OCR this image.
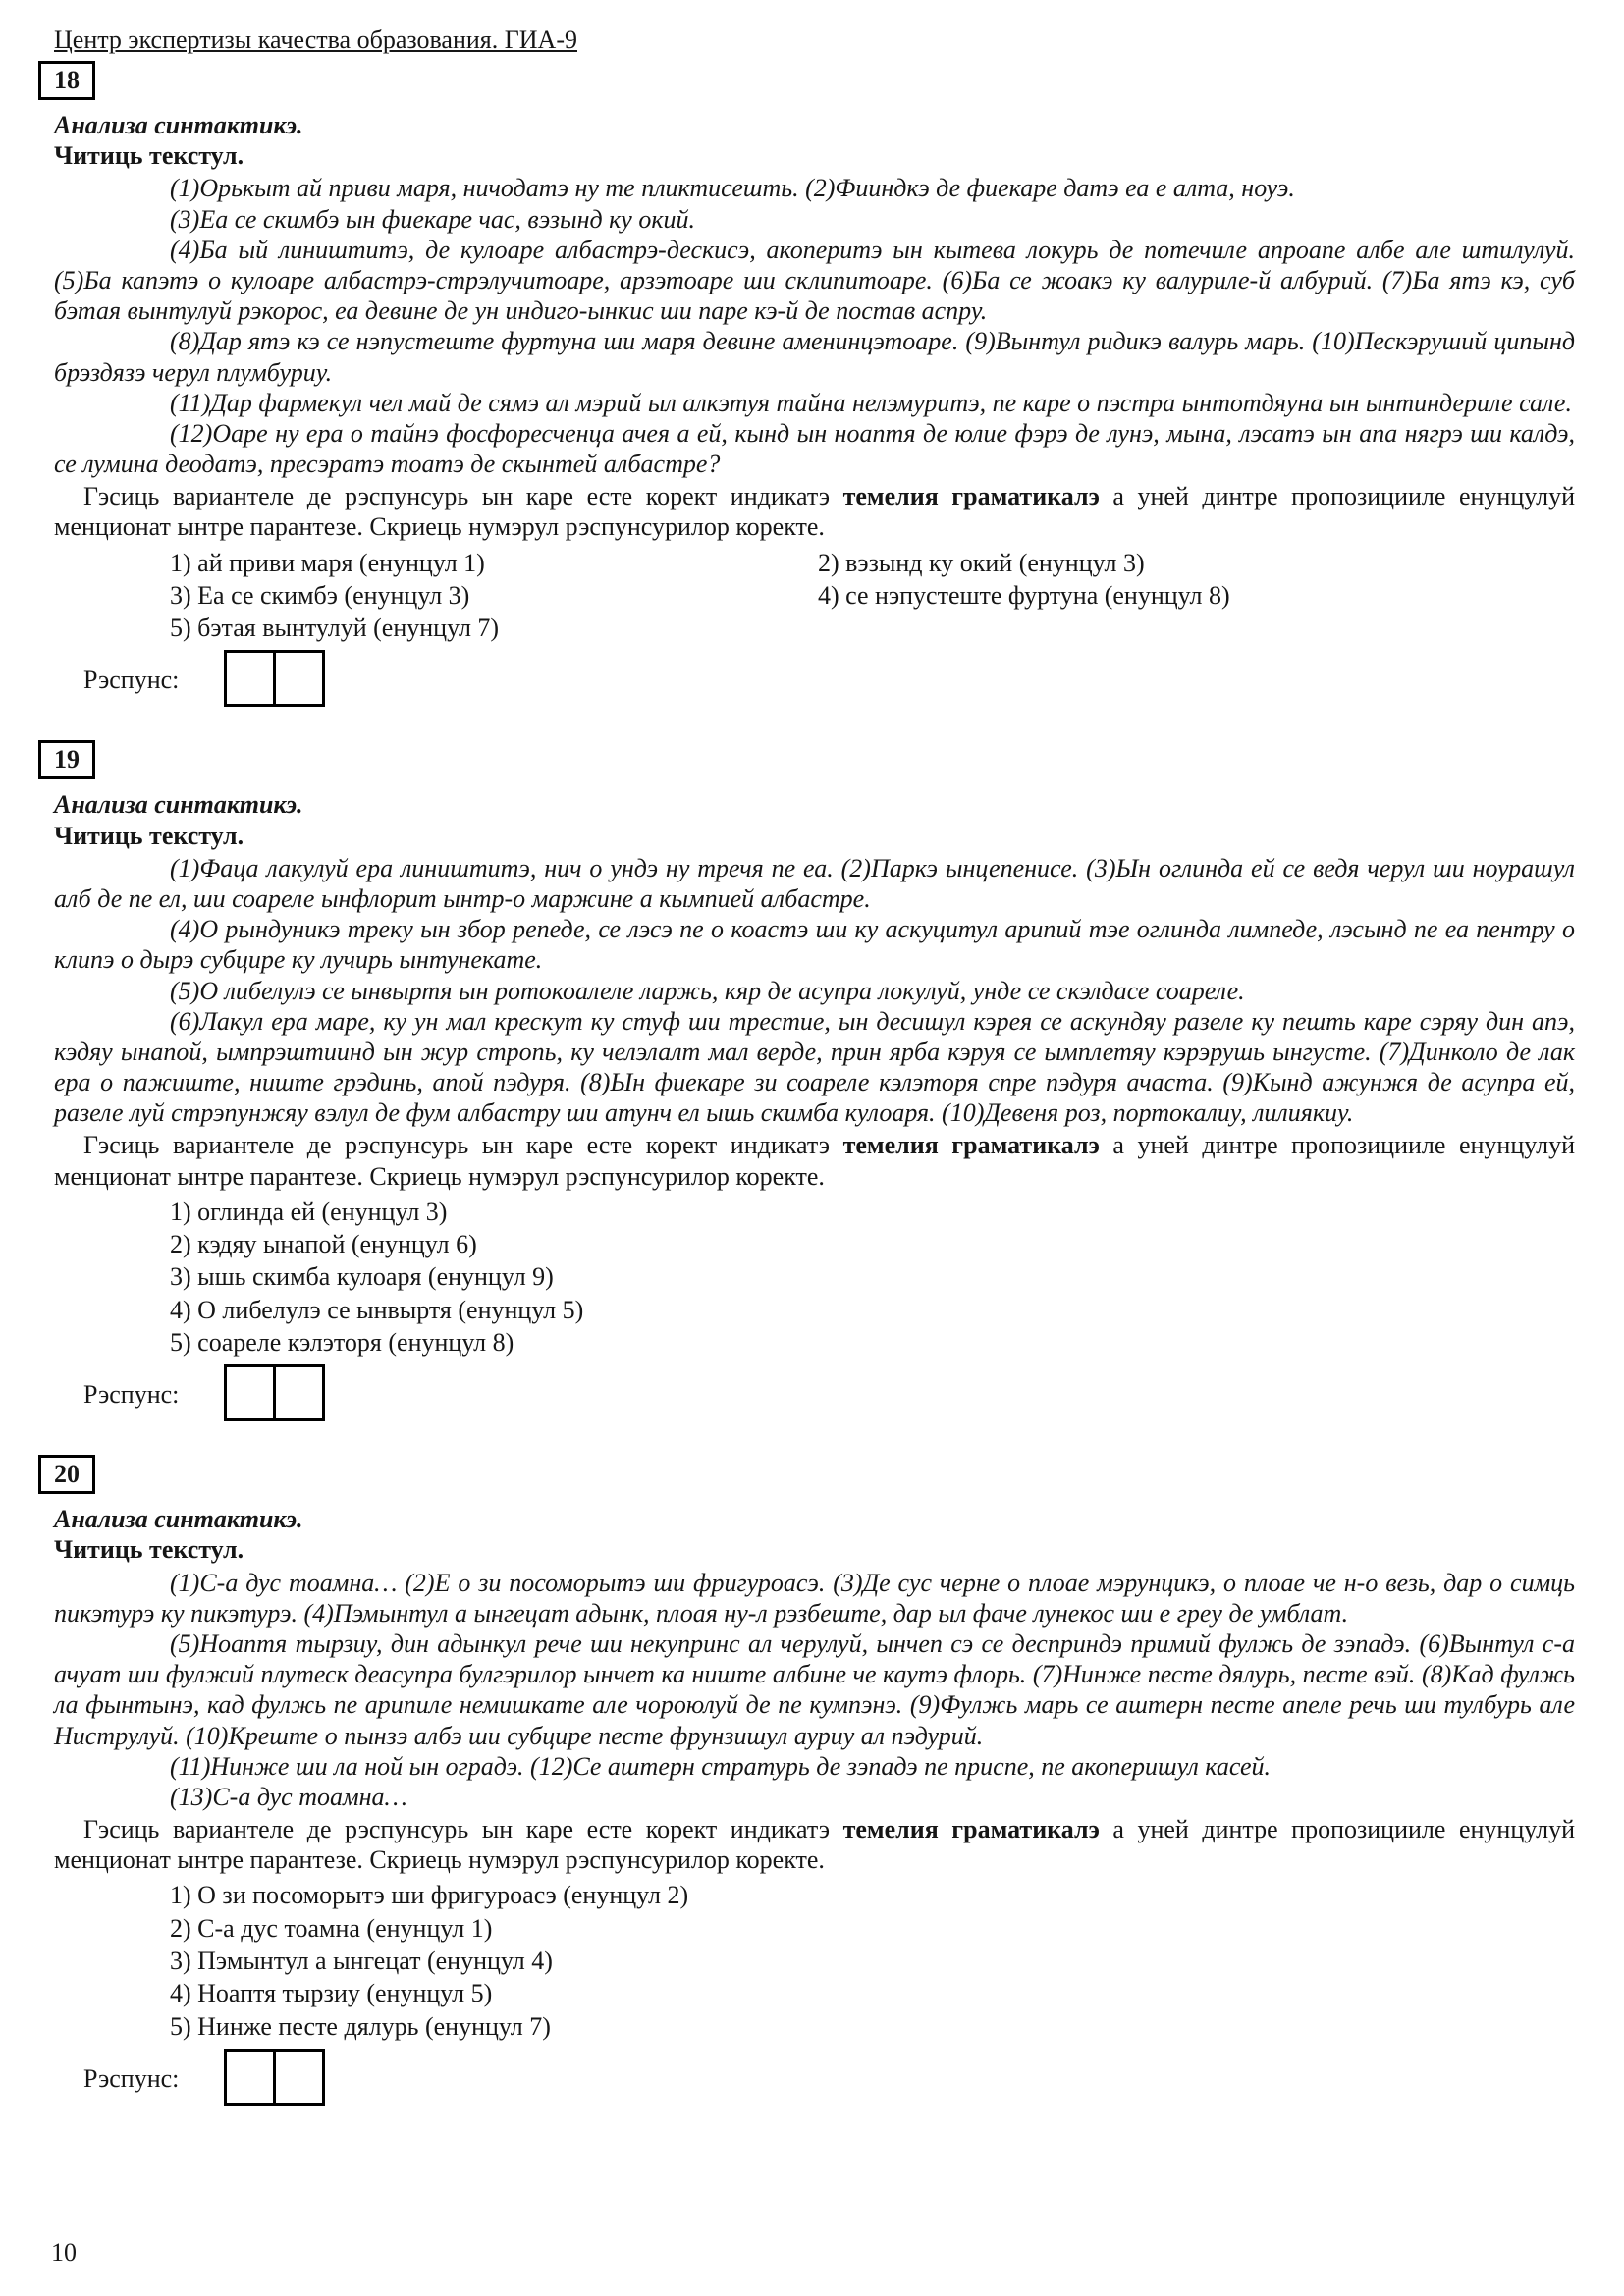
Центр экспертизы качества образования. ГИА-9
18

Анализа синтактикэ.

Читиць текстул.

(1)Орькыт ай приви маря, ничодатэ ну те пликтисешть. (2)Фииндкэ де фиекаре датэ еа е алта, ноуэ.

(3)Еа се скимбэ ын фиекаре час, вэзынд ку окий.

(4)Ба ый лиништитэ, де кулоаре албастрэ-дескисэ, акоперитэ ын кытева локурь де потечиле апроапе албе але штилулуй. (5)Ба капэтэ о кулоаре албастрэ-стрэлучитоаре, арзэтоаре ши склипитоаре. (6)Ба се жоакэ ку валуриле-й албурий. (7)Ба ятэ кэ, суб бэтая вынтулуй рэкорос, еа девине де ун индиго-ынкис ши паре кэ-й де постав аспру.

(8)Дар ятэ кэ се нэпустеште фуртуна ши маря девине аменинцэтоаре. (9)Вынтул ридикэ валурь марь. (10)Пескэруший ципынд брэздязэ черул плумбуриу.

(11)Дар фармекул чел май де сямэ ал мэрий ыл алкэтуя тайна нелэмуритэ, пе каре о пэстра ынтотдяуна ын ынтиндериле сале.

(12)Оаре ну ера о тайнэ фосфоресченца ачея а ей, кынд ын ноаптя де юлие фэрэ де лунэ, мына, лэсатэ ын апа нягрэ ши калдэ, се лумина деодатэ, пресэратэ тоатэ де скынтей албастре?

Гэсиць вариантеле де рэспунсурь ын каре есте корект индикатэ темелия граматикалэ а уней динтре пропозицииле енунцулуй менционат ынтре парантезе. Скриець нумэрул рэспунсурилор коректе.

1) ай приви маря (енунцул 1)	2) вэзынд ку окий (енунцул 3)
3) Еа се скимбэ (енунцул 3)	4) се нэпустеште фуртуна (енунцул 8)
5) бэтая вынтулуй (енунцул 7)
Рэспунс:
19

Анализа синтактикэ.

Читиць текстул.

(1)Фаца лакулуй ера лиништитэ, нич о ундэ ну тречя пе еа. (2)Паркэ ынцепенисе. (3)Ын оглинда ей се ведя черул ши ноурашул алб де пе ел, ши соареле ынфлорит ынтр-о маржине а кымпией албастре.

(4)О рындуникэ треку ын збор репеде, се лэсэ пе о коастэ ши ку аскуцитул арипий тэе оглинда лимпеде, лэсынд пе еа пентру о клипэ о дырэ субцире ку лучирь ынтунекате.

(5)О либелулэ се ынвыртя ын ротокоалеле ларжь, кяр де асупра локулуй, унде се скэлдасе соареле.

(6)Лакул ера маре, ку ун мал крескут ку стуф ши трестие, ын десишул кэрея се аскундяу разеле ку пешть каре сэряу дин апэ, кэдяу ынапой, ымпрэштиинд ын жур стропь, ку челэлалт мал верде, прин ярба кэруя се ымплетяу кэрэрушь ынгусте. (7)Динколо де лак ера о пажиште, ниште грэдинь, апой пэдуря. (8)Ын фиекаре зи соареле кэлэторя спре пэдуря ачаста. (9)Кынд ажунжя де асупра ей, разеле луй стрэпунжяу вэлул де фум албастру ши атунч ел ышь скимба кулоаря. (10)Девеня роз, портокалиу, лилиякиу.

Гэсиць вариантеле де рэспунсурь ын каре есте корект индикатэ темелия граматикалэ а уней динтре пропозицииле енунцулуй менционат ынтре парантезе. Скриець нумэрул рэспунсурилор коректе.

1) оглинда ей (енунцул 3)
2) кэдяу ынапой (енунцул 6)
3) ышь скимба кулоаря (енунцул 9)
4) О либелулэ се ынвыртя (енунцул 5)
5) соареле кэлэторя (енунцул 8)
Рэспунс:
20

Анализа синтактикэ.

Читиць текстул.

(1)С-а дус тоамна… (2)Е о зи посоморытэ ши фригуроасэ. (3)Де сус черне о плоае мэрунцикэ, о плоае че н-о везь, дар о симць пикэтурэ ку пикэтурэ. (4)Пэмынтул а ынгецат адынк, плоая ну-л рэзбеште, дар ыл фаче лунекос ши е греу де умблат.

(5)Ноаптя тырзиу, дин адынкул рече ши некупринс ал черулуй, ынчеп сэ се десприндэ примий фулжь де зэпадэ. (6)Вынтул с-а ачуат ши фулжий плутеск деасупра булгэрилор ынчет ка ниште албине че каутэ флорь. (7)Нинже песте дялурь, песте вэй. (8)Кад фулжь ла фынтынэ, кад фулжь пе арипиле немишкате але чороюлуй де пе кумпэнэ. (9)Фулжь марь се аштерн песте апеле речь ши тулбурь але Ниструлуй. (10)Креште о пынзэ албэ ши субцире песте фрунзишул ауриу ал пэдурий.

(11)Нинже ши ла ной ын оградэ. (12)Се аштерн стратурь де зэпадэ пе приспе, пе акоперишул касей.

(13)С-а дус тоамна…

Гэсиць вариантеле де рэспунсурь ын каре есте корект индикатэ темелия граматикалэ а уней динтре пропозицииле енунцулуй менционат ынтре парантезе. Скриець нумэрул рэспунсурилор коректе.

1) О зи посоморытэ ши фригуроасэ (енунцул 2)
2) С-а дус тоамна (енунцул 1)
3) Пэмынтул а ынгецат (енунцул 4)
4) Ноаптя тырзиу (енунцул 5)
5) Нинже песте дялурь (енунцул 7)
Рэспунс:
10
